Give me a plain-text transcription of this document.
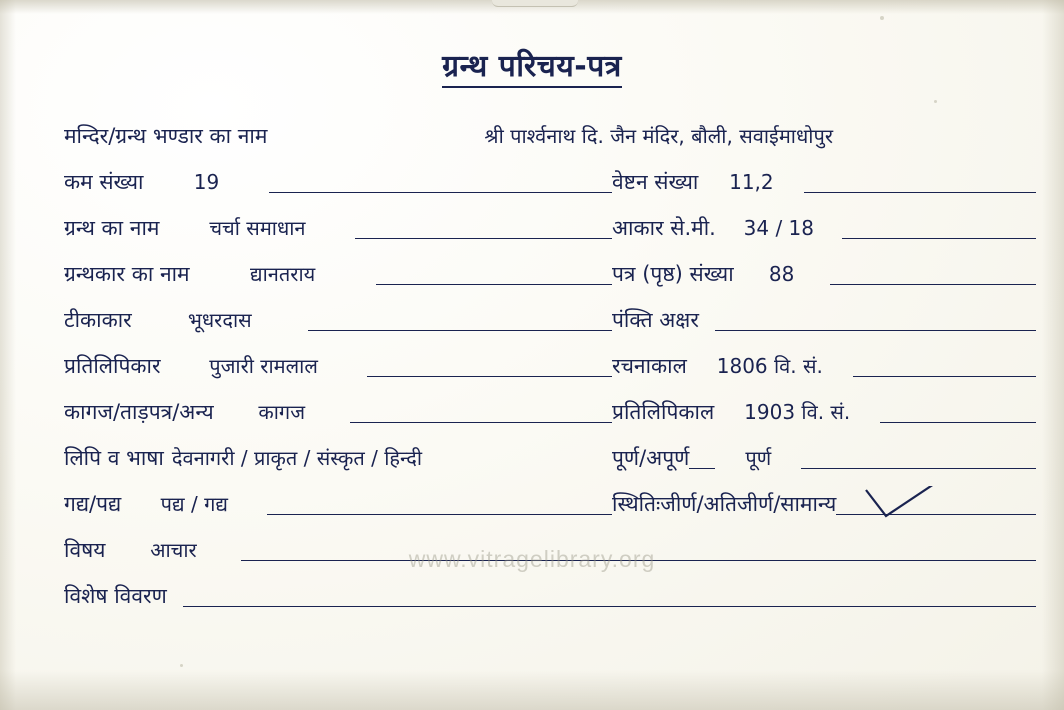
ग्रन्थ परिचय-पत्र
मन्दिर/ग्रन्थ भण्डार का नाम	श्री पार्श्वनाथ दि. जैन मंदिर, बौली, सवाईमाधोपुर
कम संख्या	19	वेष्टन संख्या	11,2
ग्रन्थ का नाम	चर्चा समाधान	आकार से.मी.	34 / 18
ग्रन्थकार का नाम	द्यानतराय	पत्र (पृष्ठ) संख्या	88
टीकाकार	भूधरदास	पंक्ति अक्षर
प्रतिलिपिकार	पुजारी रामलाल	रचनाकाल	1806 वि. सं.
कागज/ताड़पत्र/अन्य	कागज	प्रतिलिपिकाल	1903 वि. सं.
लिपि व भाषा देवनागरी / प्राकृत / संस्कृत / हिन्दी	पूर्ण/अपूर्ण	पूर्ण
गद्य/पद्य	पद्य / गद्य	स्थितिःजीर्ण/अतिजीर्ण/सामान्य
विषय	आचार
विशेष विवरण
www.vitragelibrary.org
